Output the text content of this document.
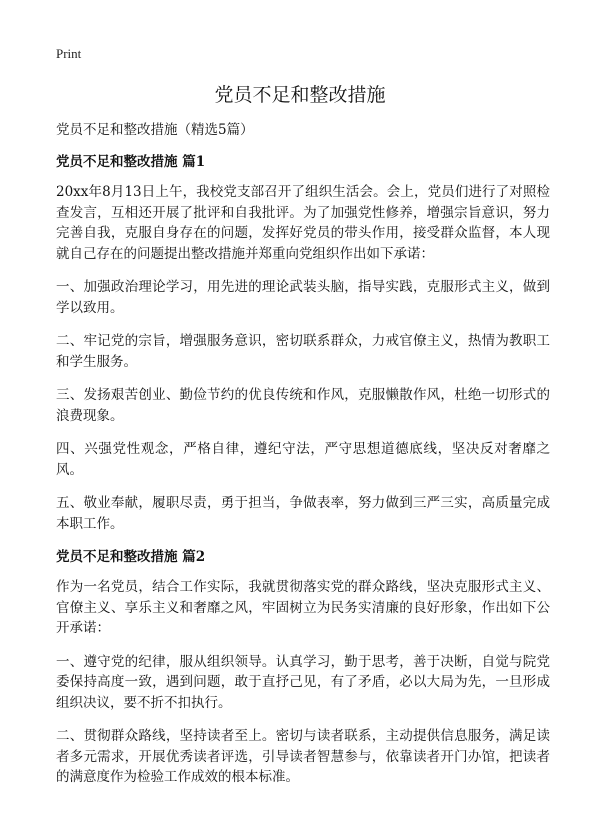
Print
党员不足和整改措施

党员不足和整改措施（精选5篇）

党员不足和整改措施 篇1

20xx年8月13日上午，我校党支部召开了组织生活会。会上，党员们进行了对照检查发言，互相还开展了批评和自我批评。为了加强党性修养，增强宗旨意识，努力完善自我，克服自身存在的问题，发挥好党员的带头作用，接受群众监督，本人现就自己存在的问题提出整改措施并郑重向党组织作出如下承诺：

一、加强政治理论学习，用先进的理论武装头脑，指导实践，克服形式主义，做到学以致用。

二、牢记党的宗旨，增强服务意识，密切联系群众，力戒官僚主义，热情为教职工和学生服务。

三、发扬艰苦创业、勤俭节约的优良传统和作风，克服懒散作风，杜绝一切形式的浪费现象。

四、兴强党性观念，严格自律，遵纪守法，严守思想道德底线，坚决反对奢靡之风。

五、敬业奉献，履职尽责，勇于担当，争做表率，努力做到三严三实，高质量完成本职工作。

党员不足和整改措施 篇2

作为一名党员，结合工作实际，我就贯彻落实党的群众路线，坚决克服形式主义、官僚主义、享乐主义和奢靡之风，牢固树立为民务实清廉的良好形象，作出如下公开承诺：

一、遵守党的纪律，服从组织领导。认真学习，勤于思考，善于决断，自觉与院党委保持高度一致，遇到问题，敢于直抒己见，有了矛盾，必以大局为先，一旦形成组织决议，要不折不扣执行。

二、贯彻群众路线，坚持读者至上。密切与读者联系，主动提供信息服务，满足读者多元需求，开展优秀读者评选，引导读者智慧参与，依靠读者开门办馆，把读者的满意度作为检验工作成效的根本标准。
